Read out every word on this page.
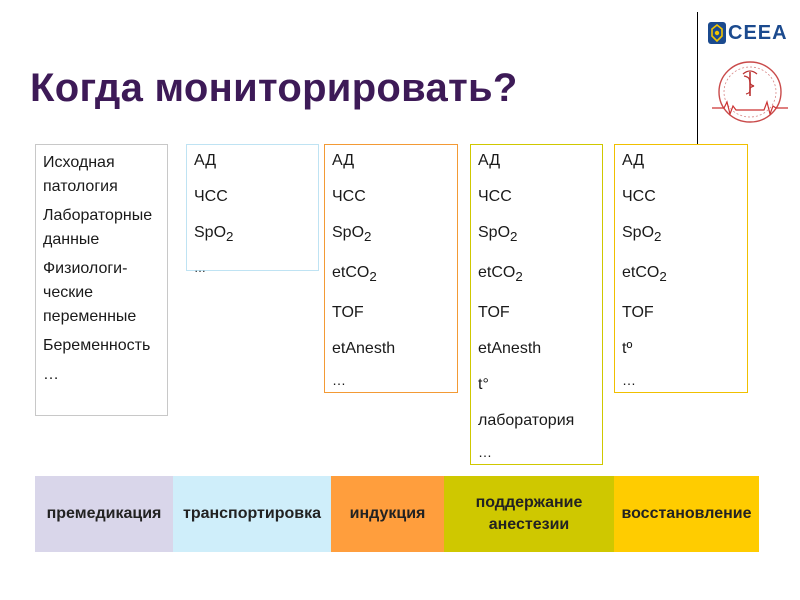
Когда мониторировать?
CEEA
Исходная
патология
Лабораторные
данные
Физиологи-
ческие
переменные
Беременность
…
АД
ЧСС
SpO$_2$
…
АД
ЧСС
SpO$_2$
etCO$_2$
TOF
etAnesth
…
АД
ЧСС
SpO$_2$
etCO$_2$
TOF
etAnesth
t°
лаборатория
…
АД
ЧСС
SpO$_2$
etCO$_2$
TOF
tº
…
премедикация транспортировка индукция
поддержание
анестезии
восстановление
